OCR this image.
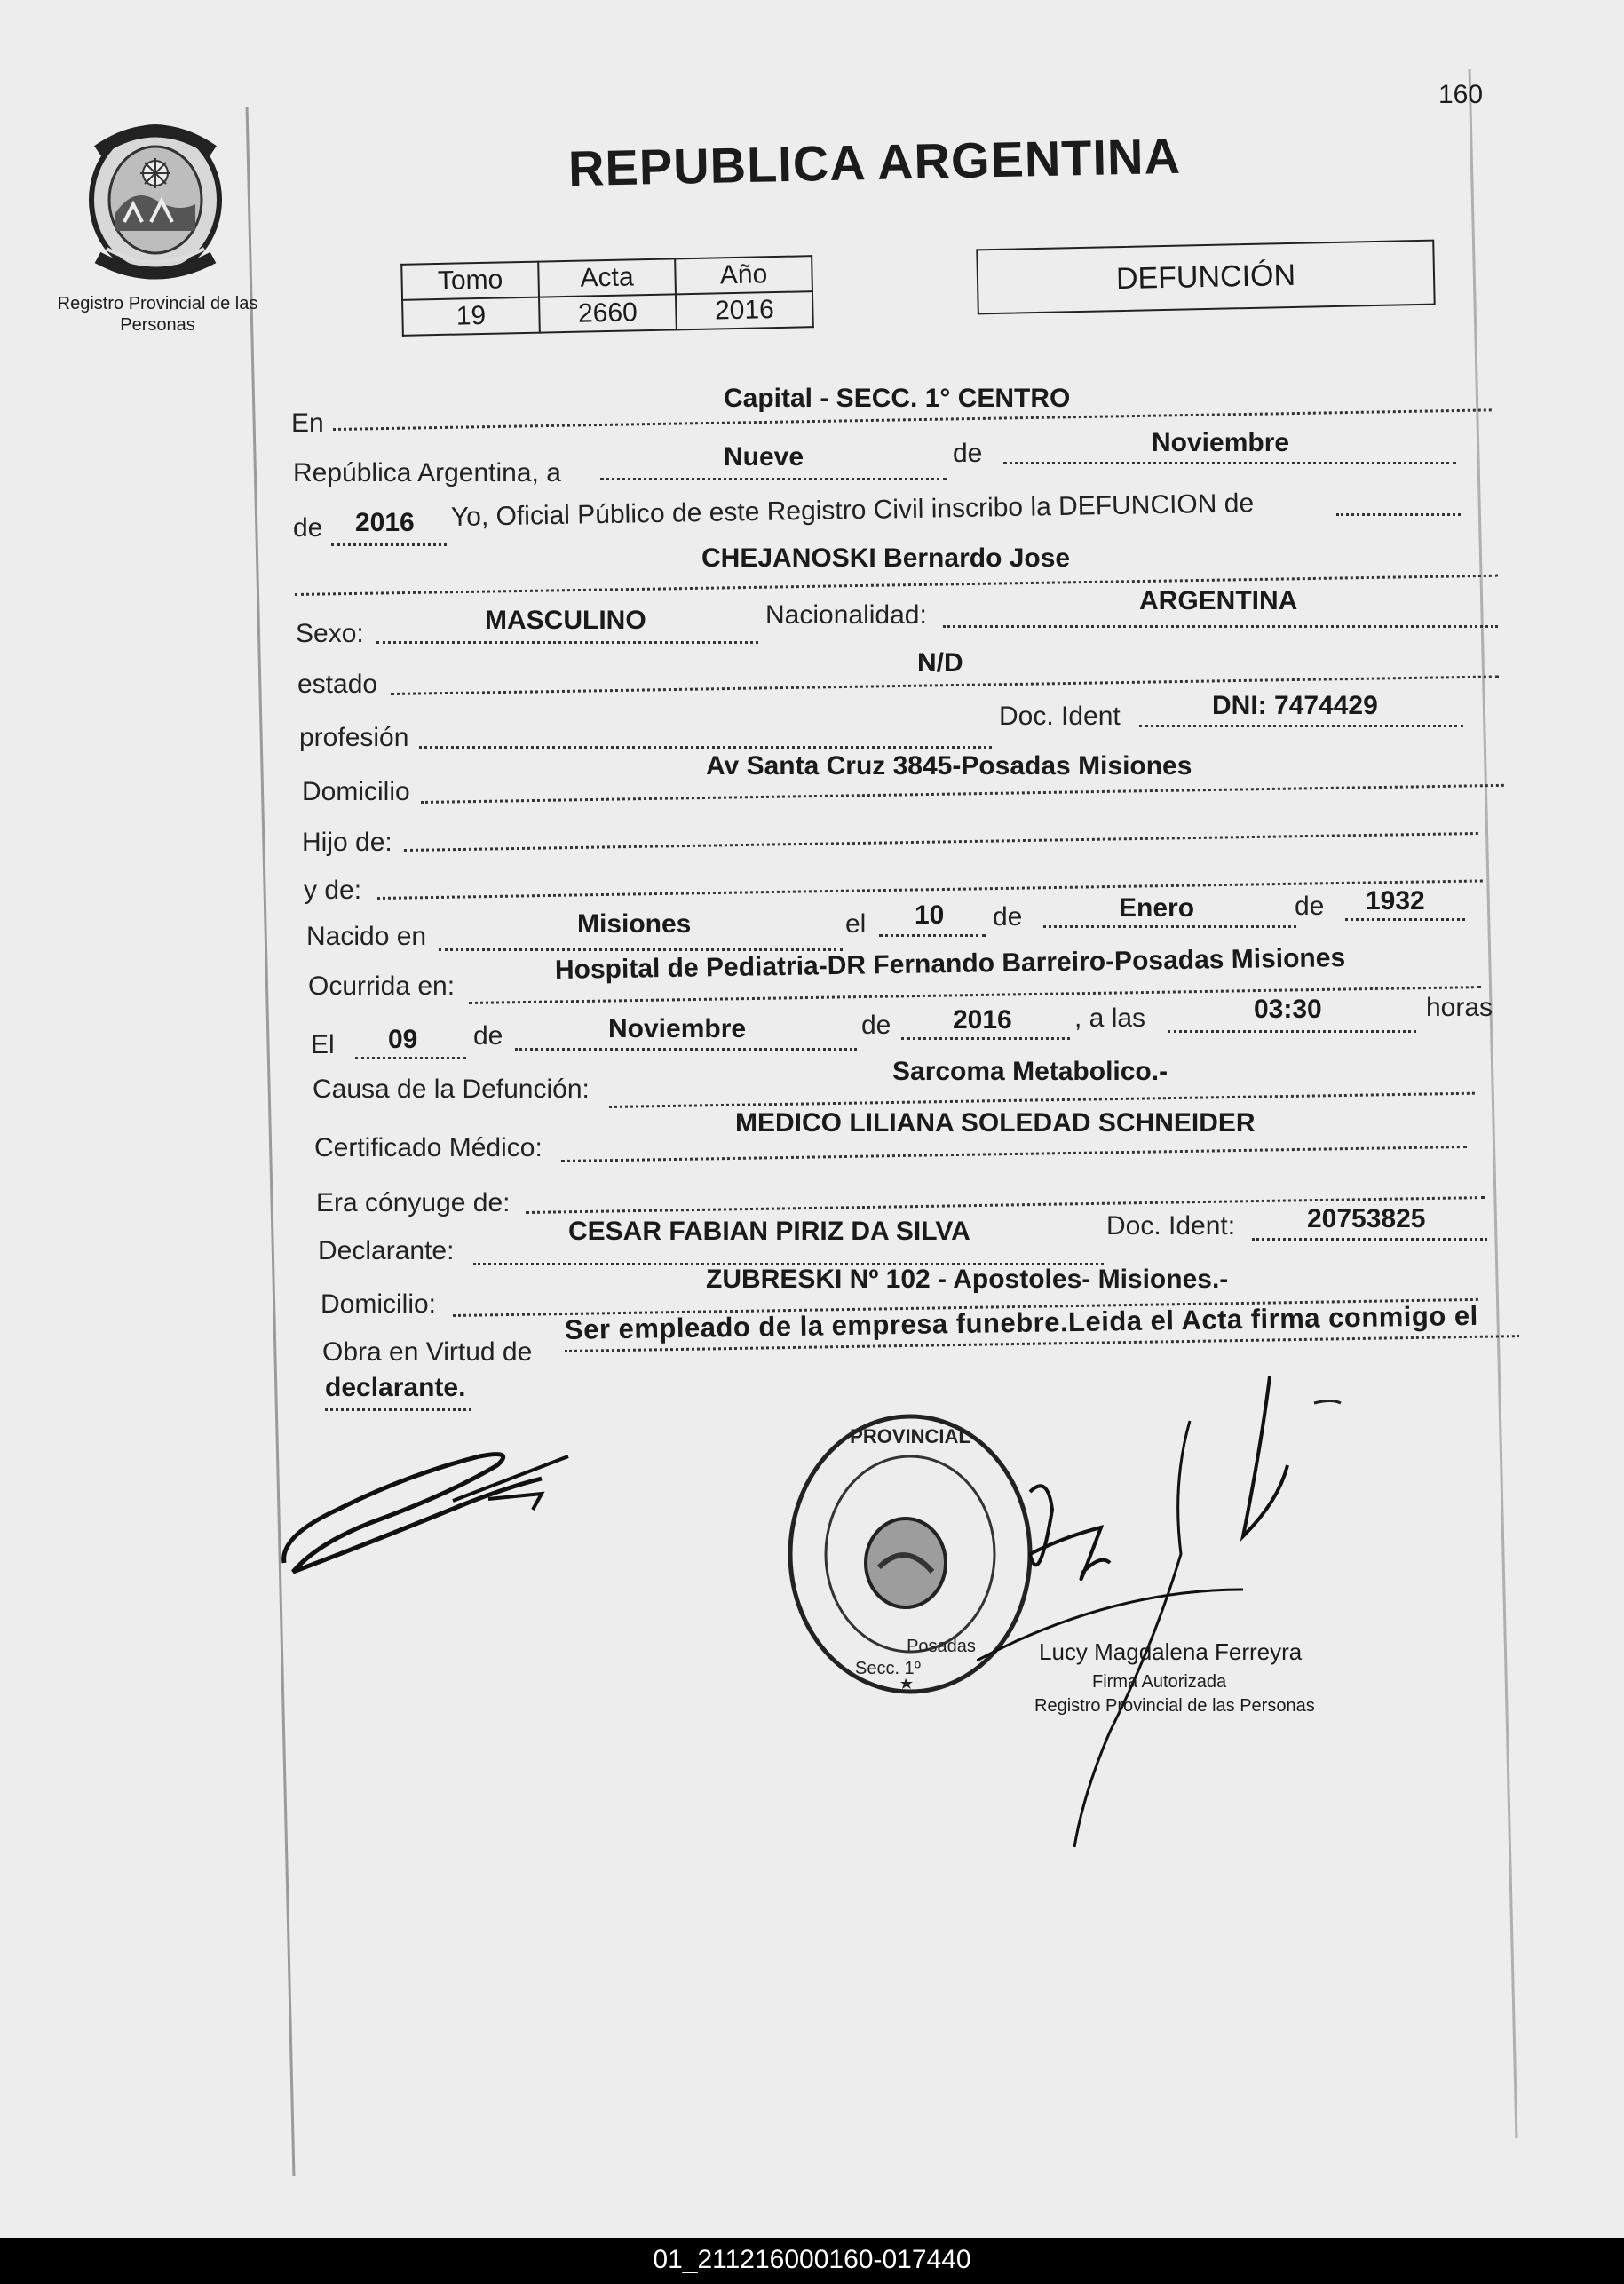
160
Registro Provincial de las Personas
REPUBLICA ARGENTINA
Tomo	Acta	Año
19	2660	2016
DEFUNCIÓN
En
Capital - SECC. 1° CENTRO
República Argentina, a
Nueve	de	Noviembre
de 2016 Yo, Oficial Público de este Registro Civil inscribo la DEFUNCION de
CHEJANOSKI Bernardo Jose
Sexo:	MASCULINO	Nacionalidad:	ARGENTINA
estado
N/D
profesión
Doc. Ident	DNI: 7474429
Domicilio
Av Santa Cruz 3845-Posadas Misiones
Hijo de:
y de:
Nacido en	Misiones	el 10 de	Enero	de 1932
Ocurrida en:
Hospital de Pediatria-DR Fernando Barreiro-Posadas Misiones
El 09 de	Noviembre	de 2016 , a las	03:30	horas
Causa de la Defunción:
Sarcoma Metabolico.-
Certificado Médico:
MEDICO LILIANA SOLEDAD SCHNEIDER
Era cónyuge de:
Declarante:
CESAR FABIAN PIRIZ DA SILVA	Doc. Ident:	20753825
Domicilio:
ZUBRESKI Nº 102 - Apostoles- Misiones.-
Obra en Virtud de
Ser empleado de la empresa funebre.Leida el Acta firma conmigo el
declarante.
PROVINCIAL
Posadas
Secc. 1º
Lucy Magdalena Ferreyra
Firma Autorizada
Registro Provincial de las Personas
01_211216000160-017440
